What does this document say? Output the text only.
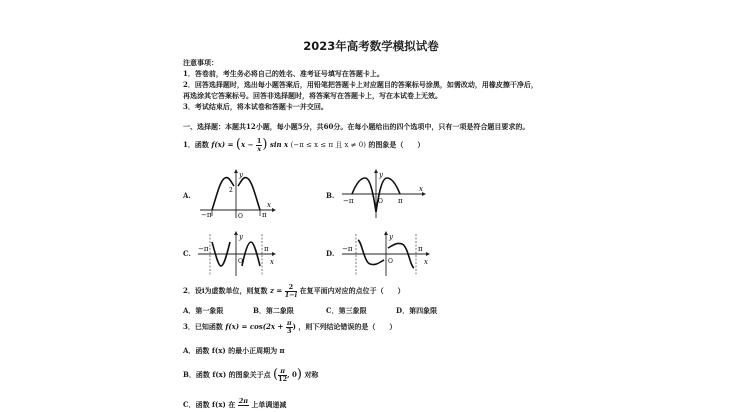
2023年高考数学模拟试卷
注意事项：
1．答卷前，考生务必将自己的姓名、准考证号填写在答题卡上。
2．回答选择题时，选出每小题答案后，用铅笔把答题卡上对应题目的答案标号涂黑，如需改动，用橡皮擦干净后，
再选涂其它答案标号。回答非选择题时，将答案写在答题卡上，写在本试卷上无效。
3．考试结束后，将本试卷和答题卡一并交回。
一、选择题：本题共12小题，每小题5分，共60分。在每小题给出的四个选项中，只有一项是符合题目要求的。
1．函数 $f(x) = (x - \frac{1}{x}$ ) sin x (−π ≤ x ≤ π 且 x ≠ 0) 的图象是（　　）
A.	B.
C.	D.
−π	π
y
x
2
O
−π	π
y
x
O
−π	π
y
x
O
−π	π
y
x
O
2．设i为虚数单位，则复数 $z = \frac{2}{1-i}$ 在复平面内对应的点位于（　　）
A．第一象限	B．第二象限	C．第三象限	D．第四象限
3．已知函数 $f(x) = \cos(2x + \frac{\pi}{3}$ ) ，则下列结论错误的是（　　）
A．函数 f(x) 的最小正周期为 π
B．函数 f(x) 的图象关于点 ( $\frac{\pi}{12}$ , 0) 对称
C．函数 f(x) 在 2π 上单调递减
